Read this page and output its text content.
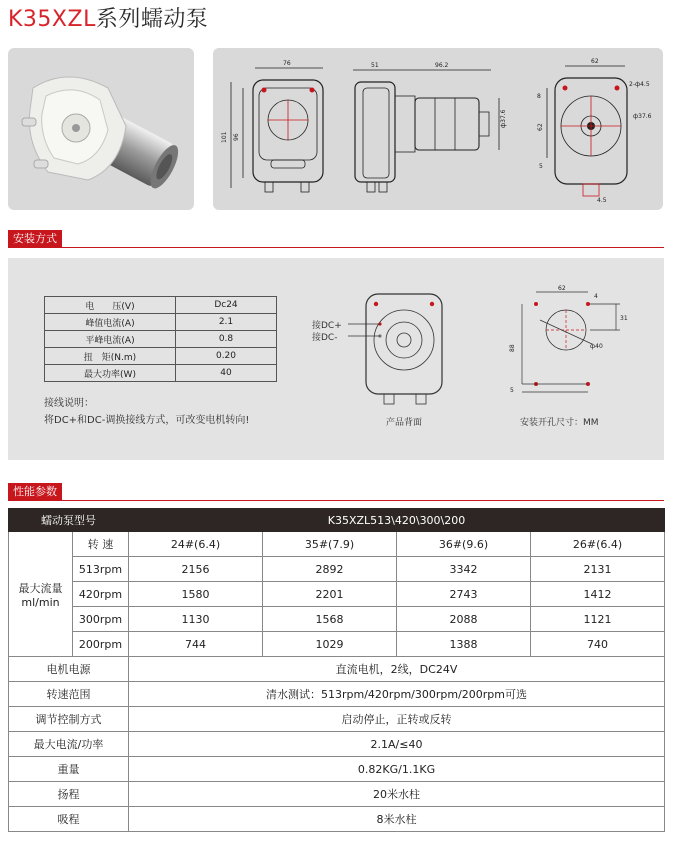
K35XZL系列蠕动泵
76
101 96
51	96.2
ф37.6
62
2-ф4.5
ф37.6
62
8
5
4.5
安装方式
电　　压(V)	Dc24
峰值电流(A)	2.1
平峰电流(A)	0.8
扭　矩(N.m)	0.20
最大功率(W)	40
接线说明：
将DC+和DC-调换接线方式，可改变电机转向!
接DC+
接DC-
产品背面
62
4
31
ф40
88
5
安装开孔尺寸：MM
性能参数
蠕动泵型号		K35XZL513\420\300\200			
最大流量
ml/min	转 速	24#(6.4)	35#(7.9)	36#(9.6)	26#(6.4)
	513rpm	2156	2892	3342	2131
	420rpm	1580	2201	2743	1412
	300rpm	1130	1568	2088	1121
	200rpm	744	1029	1388	740
电机电源		直流电机，2线，DC24V			
转速范围		清水测试：513rpm/420rpm/300rpm/200rpm可选			
调节控制方式		启动停止，正转或反转			
最大电流/功率		2.1A/≤40			
重量		0.82KG/1.1KG			
扬程		20米水柱			
吸程		8米水柱			
